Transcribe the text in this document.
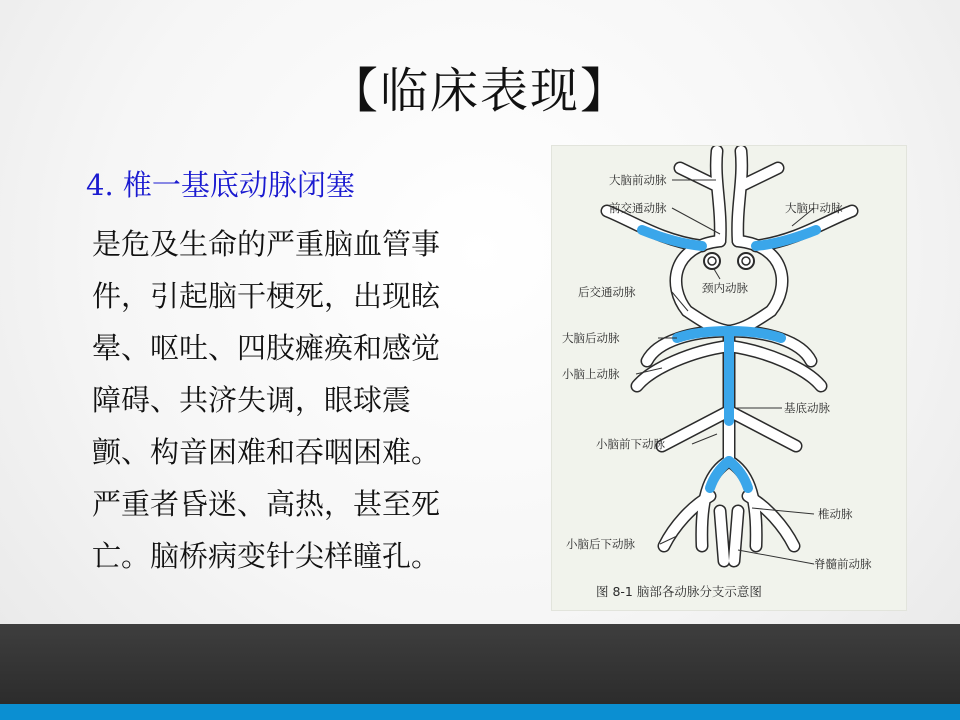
【临床表现】
4. 椎一基底动脉闭塞
是危及生命的严重脑血管事
件，引起脑干梗死，出现眩
晕、呕吐、四肢瘫痪和感觉
障碍、共济失调，眼球震
颤、构音困难和吞咽困难。
严重者昏迷、高热，甚至死
亡。脑桥病变针尖样瞳孔。
大脑前动脉
前交通动脉	大脑中动脉
颈内动脉
后交通动脉
大脑后动脉
小脑上动脉
基底动脉
小脑前下动脉
椎动脉
小脑后下动脉
脊髓前动脉
图 8-1 脑部各动脉分支示意图
